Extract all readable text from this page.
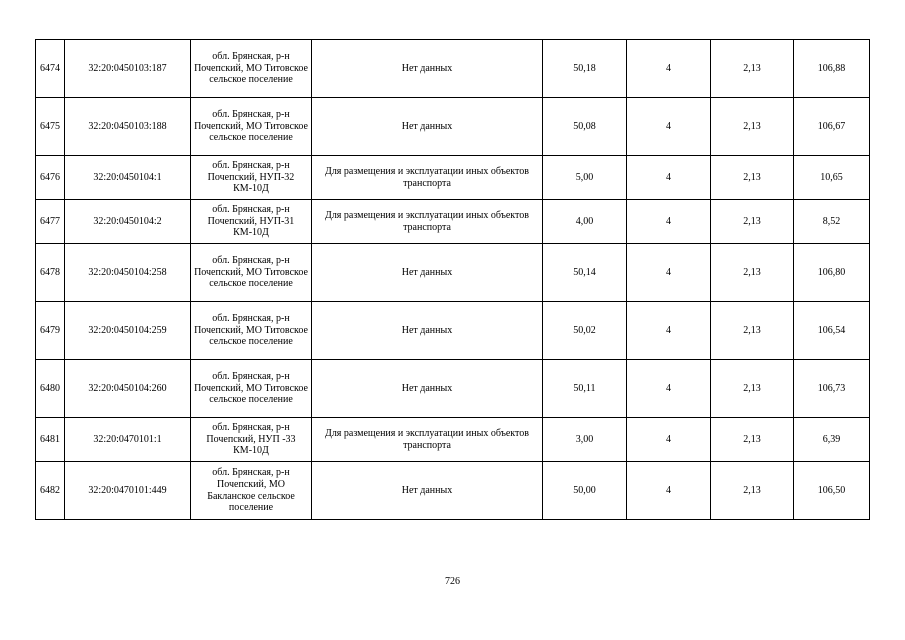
6474	32:20:0450103:187	обл. Брянская, р-н Почепский, МО Титовское сельское поселение	Нет данных	50,18	4	2,13	106,88
6475	32:20:0450103:188	обл. Брянская, р-н Почепский, МО Титовское сельское поселение	Нет данных	50,08	4	2,13	106,67
6476	32:20:0450104:1	обл. Брянская, р-н Почепский, НУП-32 КМ-10Д	Для размещения и эксплуатации иных объектов транспорта	5,00	4	2,13	10,65
6477	32:20:0450104:2	обл. Брянская, р-н Почепский, НУП-31 КМ-10Д	Для размещения и эксплуатации иных объектов транспорта	4,00	4	2,13	8,52
6478	32:20:0450104:258	обл. Брянская, р-н Почепский, МО Титовское сельское поселение	Нет данных	50,14	4	2,13	106,80
6479	32:20:0450104:259	обл. Брянская, р-н Почепский, МО Титовское сельское поселение	Нет данных	50,02	4	2,13	106,54
6480	32:20:0450104:260	обл. Брянская, р-н Почепский, МО Титовское сельское поселение	Нет данных	50,11	4	2,13	106,73
6481	32:20:0470101:1	обл. Брянская, р-н Почепский, НУП -33 КМ-10Д	Для размещения и эксплуатации иных объектов транспорта	3,00	4	2,13	6,39
6482	32:20:0470101:449	обл. Брянская, р-н Почепский, МО Бакланское сельское поселение	Нет данных	50,00	4	2,13	106,50
726
